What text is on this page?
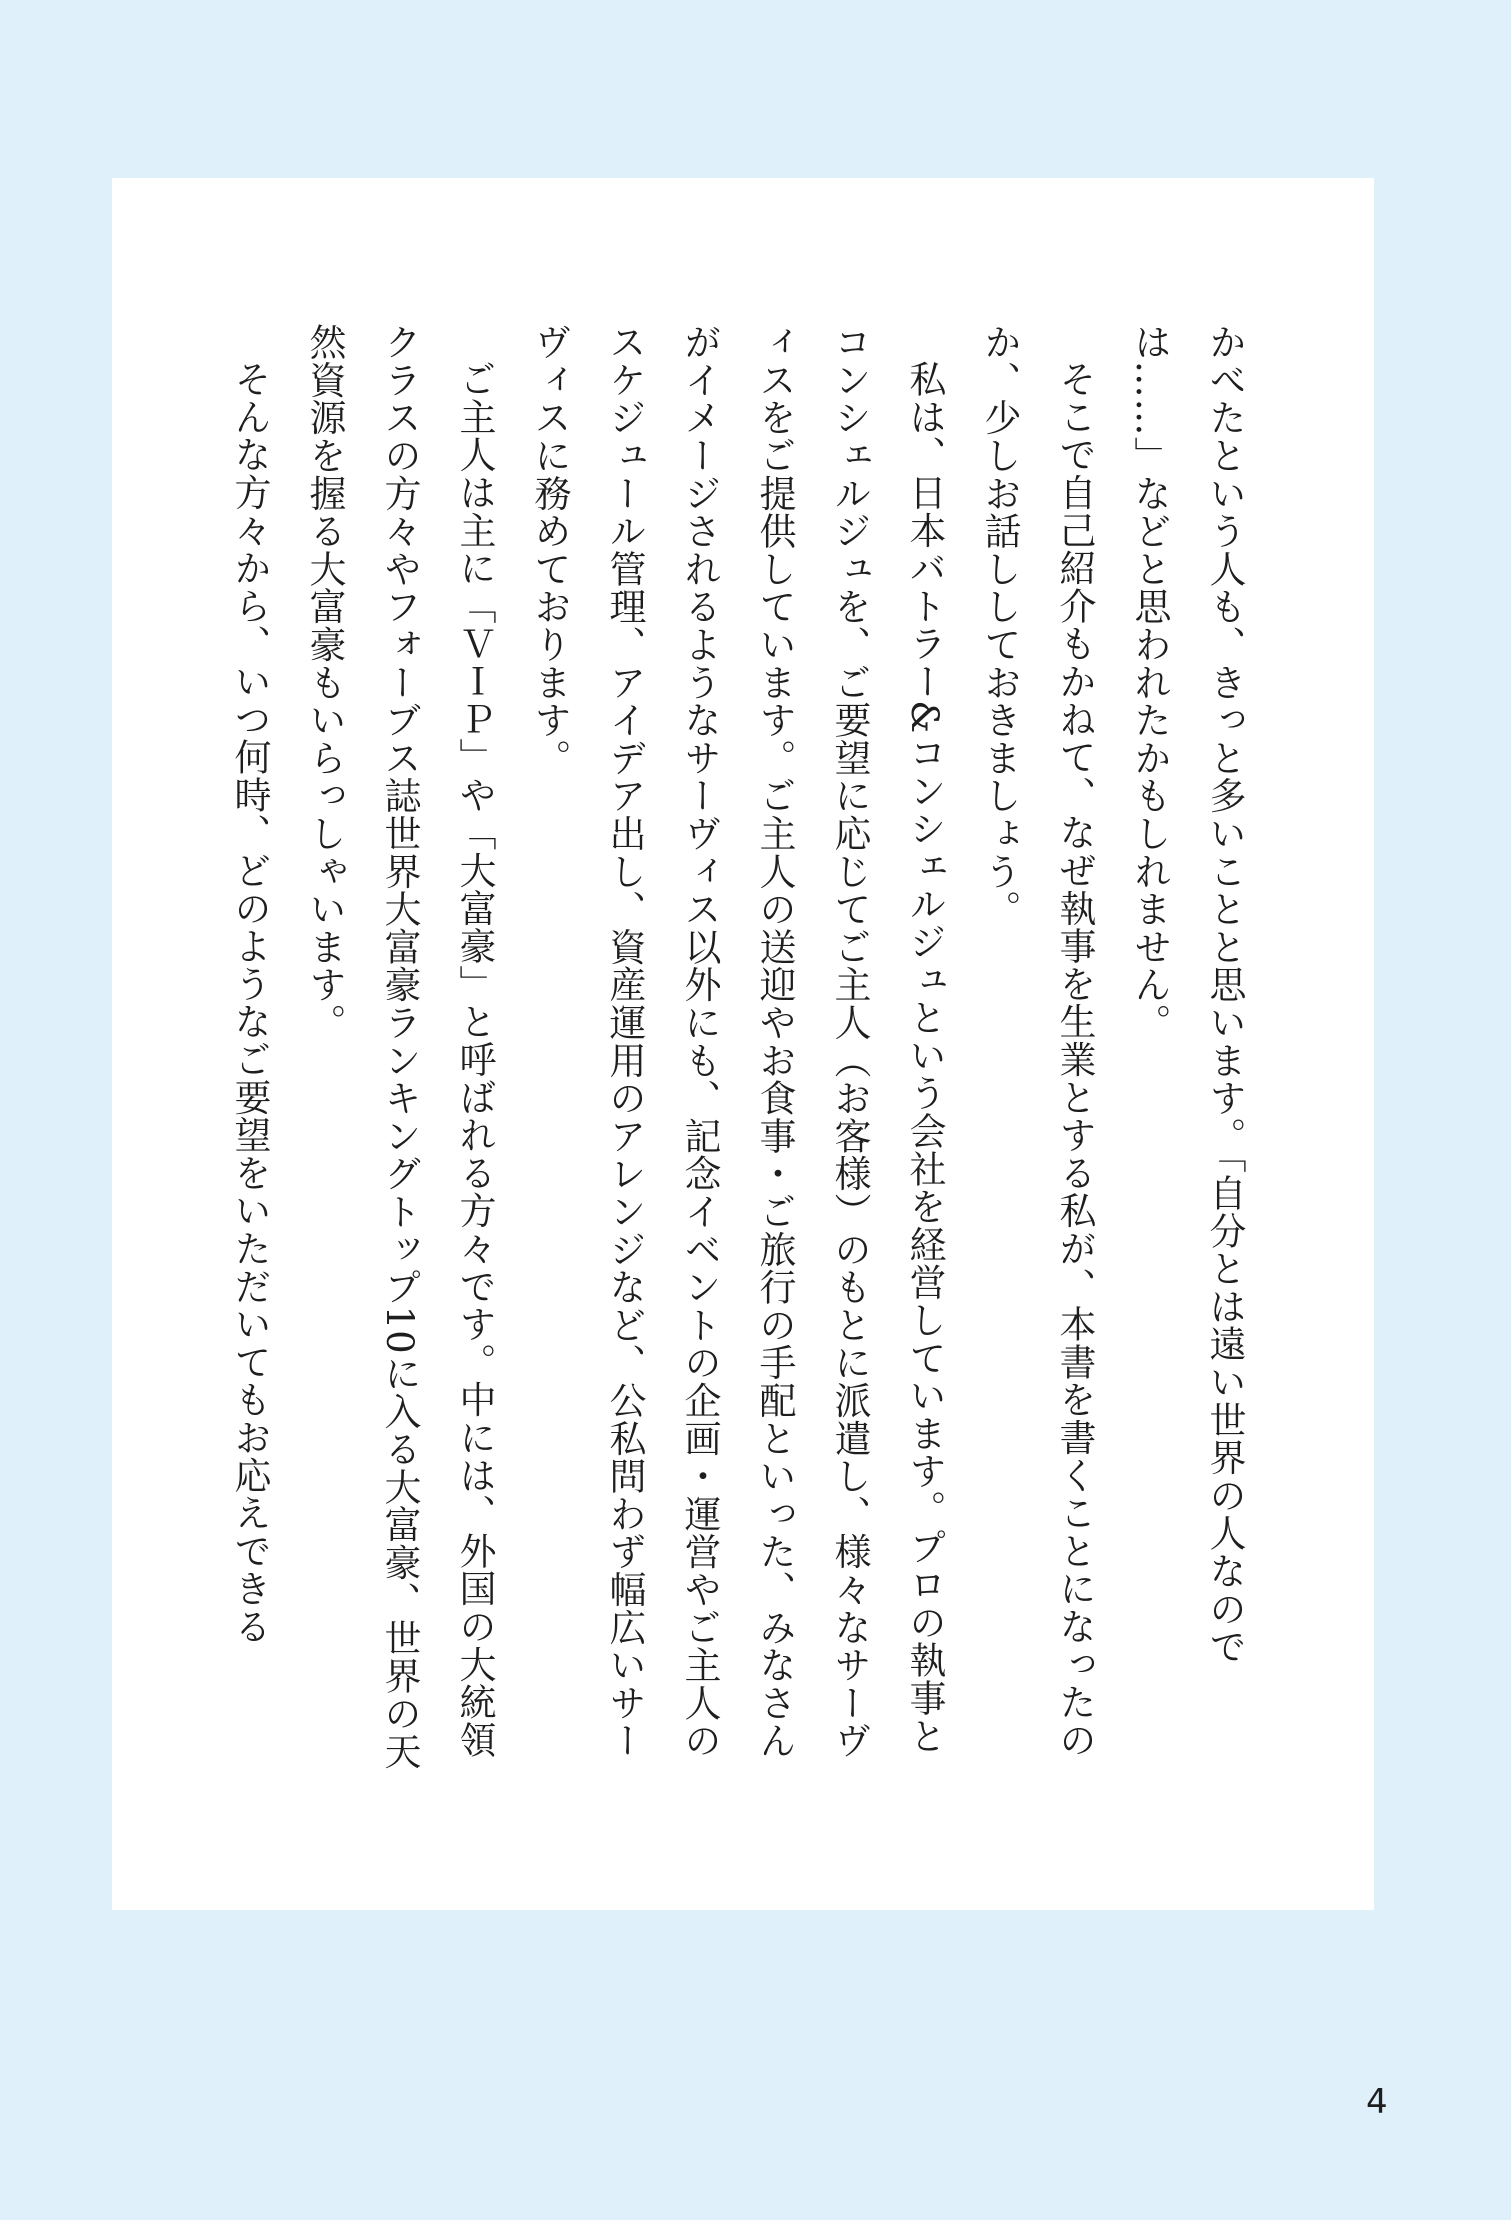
かべたという人も、きっと多いことと思います。「自分とは遠い世界の人なのでは……」などと思われたかもしれません。

そこで自己紹介もかねて、なぜ執事を生業とする私が、本書を書くことになったのか、少しお話ししておきましょう。

私は、日本バトラー&コンシェルジュという会社を経営しています。プロの執事とコンシェルジュを、ご要望に応じてご主人（お客様）のもとに派遣し、様々なサーヴィスをご提供しています。ご主人の送迎やお食事・ご旅行の手配といった、みなさんがイメージされるようなサーヴィス以外にも、記念イベントの企画・運営やご主人のスケジュール管理、アイデア出し、資産運用のアレンジなど、公私問わず幅広いサーヴィスに務めております。

ご主人は主に「ＶＩＰ」や「大富豪」と呼ばれる方々です。中には、外国の大統領クラスの方々やフォーブス誌世界大富豪ランキングトップ10に入る大富豪、世界の天然資源を握る大富豪もいらっしゃいます。

そんな方々から、いつ何時、どのようなご要望をいただいてもお応えできる

4
